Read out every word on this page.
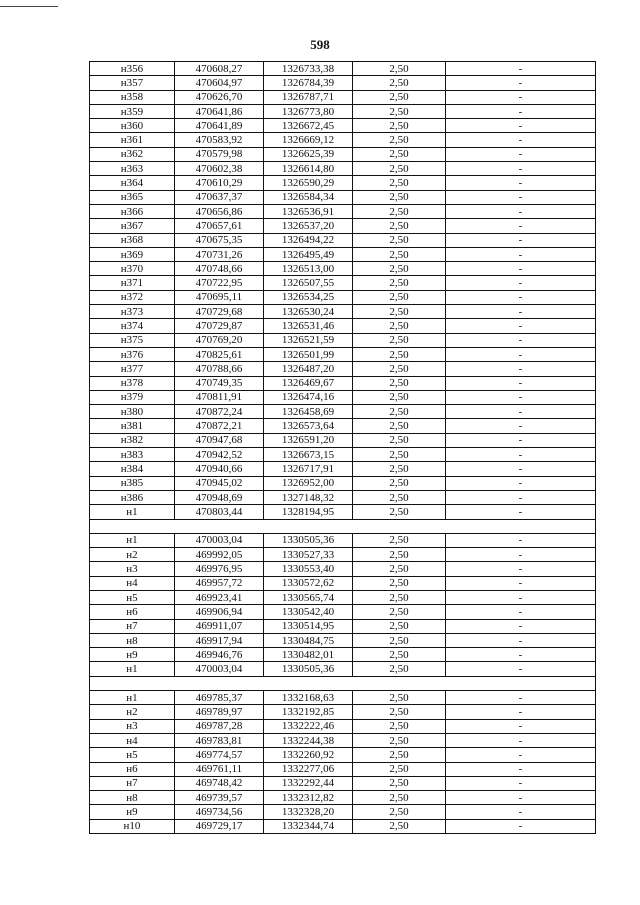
598
н356	470608,27	1326733,38	2,50	-
н357	470604,97	1326784,39	2,50	-
н358	470626,70	1326787,71	2,50	-
н359	470641,86	1326773,80	2,50	-
н360	470641,89	1326672,45	2,50	-
н361	470583,92	1326669,12	2,50	-
н362	470579,98	1326625,39	2,50	-
н363	470602,38	1326614,80	2,50	-
н364	470610,29	1326590,29	2,50	-
н365	470637,37	1326584,34	2,50	-
н366	470656,86	1326536,91	2,50	-
н367	470657,61	1326537,20	2,50	-
н368	470675,35	1326494,22	2,50	-
н369	470731,26	1326495,49	2,50	-
н370	470748,66	1326513,00	2,50	-
н371	470722,95	1326507,55	2,50	-
н372	470695,11	1326534,25	2,50	-
н373	470729,68	1326530,24	2,50	-
н374	470729,87	1326531,46	2,50	-
н375	470769,20	1326521,59	2,50	-
н376	470825,61	1326501,99	2,50	-
н377	470788,66	1326487,20	2,50	-
н378	470749,35	1326469,67	2,50	-
н379	470811,91	1326474,16	2,50	-
н380	470872,24	1326458,69	2,50	-
н381	470872,21	1326573,64	2,50	-
н382	470947,68	1326591,20	2,50	-
н383	470942,52	1326673,15	2,50	-
н384	470940,66	1326717,91	2,50	-
н385	470945,02	1326952,00	2,50	-
н386	470948,69	1327148,32	2,50	-
н1	470803,44	1328194,95	2,50	-

н1	470003,04	1330505,36	2,50	-
н2	469992,05	1330527,33	2,50	-
н3	469976,95	1330553,40	2,50	-
н4	469957,72	1330572,62	2,50	-
н5	469923,41	1330565,74	2,50	-
н6	469906,94	1330542,40	2,50	-
н7	469911,07	1330514,95	2,50	-
н8	469917,94	1330484,75	2,50	-
н9	469946,76	1330482,01	2,50	-
н1	470003,04	1330505,36	2,50	-

н1	469785,37	1332168,63	2,50	-
н2	469789,97	1332192,85	2,50	-
н3	469787,28	1332222,46	2,50	-
н4	469783,81	1332244,38	2,50	-
н5	469774,57	1332260,92	2,50	-
н6	469761,11	1332277,06	2,50	-
н7	469748,42	1332292,44	2,50	-
н8	469739,57	1332312,82	2,50	-
н9	469734,56	1332328,20	2,50	-
н10	469729,17	1332344,74	2,50	-
